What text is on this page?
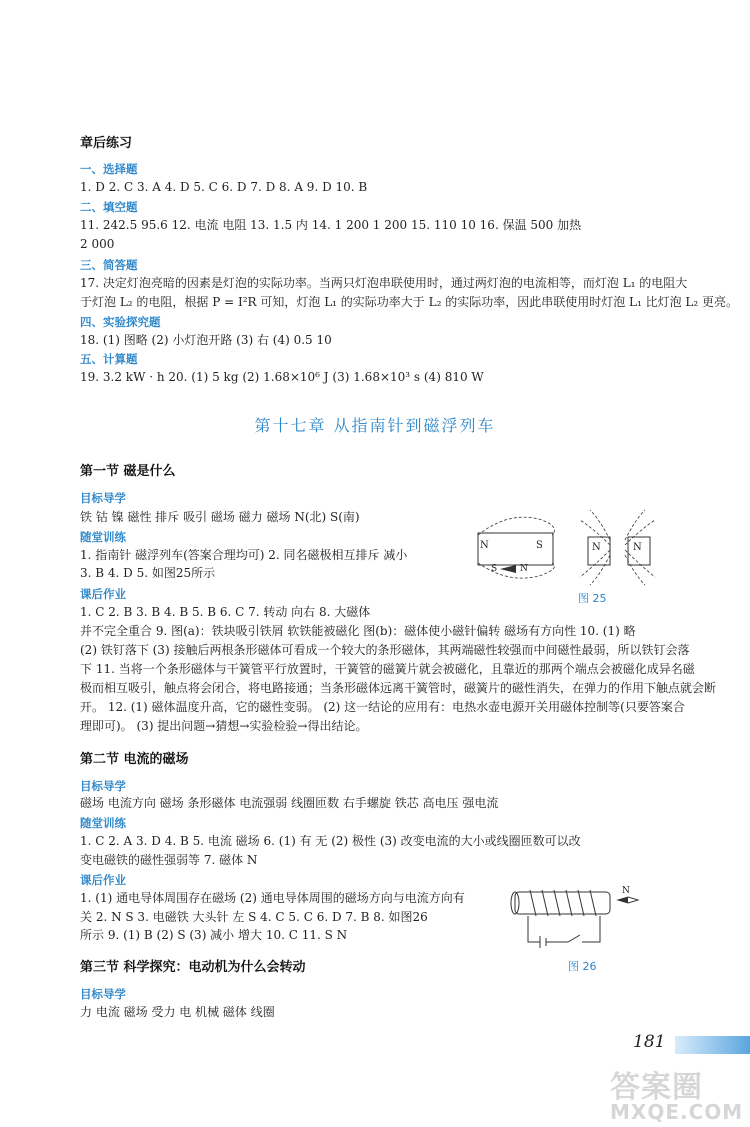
章后练习
一、选择题
1. D 2. C 3. A 4. D 5. C 6. D 7. D 8. A 9. D 10. B
二、填空题
11. 242.5 95.6 12. 电流 电阻 13. 1.5 内 14. 1 200 1 200 15. 110 10 16. 保温 500 加热
2 000
三、简答题
17. 决定灯泡亮暗的因素是灯泡的实际功率。当两只灯泡串联使用时，通过两灯泡的电流相等，而灯泡 L₁ 的电阻大
于灯泡 L₂ 的电阻，根据 P = I²R 可知，灯泡 L₁ 的实际功率大于 L₂ 的实际功率，因此串联使用时灯泡 L₁ 比灯泡 L₂ 更亮。
四、实验探究题
18. (1) 图略 (2) 小灯泡开路 (3) 右 (4) 0.5 10
五、计算题
19. 3.2 kW · h 20. (1) 5 kg (2) 1.68×10⁶ J (3) 1.68×10³ s (4) 810 W
第十七章 从指南针到磁浮列车
第一节 磁是什么
目标导学
铁 钴 镍 磁性 排斥 吸引 磁场 磁力 磁场 N(北) S(南)
随堂训练
1. 指南针 磁浮列车(答案合理均可) 2. 同名磁极相互排斥 减小
3. B 4. D 5. 如图25所示
课后作业
1. C 2. B 3. B 4. B 5. B 6. C 7. 转动 向右 8. 大磁体
并不完全重合 9. 图(a)：铁块吸引铁屑 软铁能被磁化 图(b)：磁体使小磁针偏转 磁场有方向性 10. (1) 略
(2) 铁钉落下 (3) 接触后两根条形磁体可看成一个较大的条形磁体，其两端磁性较强而中间磁性最弱，所以铁钉会落
下 11. 当将一个条形磁体与干簧管平行放置时，干簧管的磁簧片就会被磁化，且靠近的那两个端点会被磁化成异名磁
极而相互吸引，触点将会闭合，将电路接通；当条形磁体远离干簧管时，磁簧片的磁性消失，在弹力的作用下触点就会断
开。 12. (1) 磁体温度升高，它的磁性变弱。 (2) 这一结论的应用有：电热水壶电源开关用磁体控制等(只要答案合
理即可)。 (3) 提出问题→猜想→实验检验→得出结论。
N	S
N
S
N	N
图 25
第二节 电流的磁场
目标导学
磁场 电流方向 磁场 条形磁体 电流强弱 线圈匝数 右手螺旋 铁芯 高电压 强电流
随堂训练
1. C 2. A 3. D 4. B 5. 电流 磁场 6. (1) 有 无 (2) 极性 (3) 改变电流的大小或线圈匝数可以改
变电磁铁的磁性强弱等 7. 磁体 N
课后作业
1. (1) 通电导体周围存在磁场 (2) 通电导体周围的磁场方向与电流方向有
关 2. N S 3. 电磁铁 大头针 左 S 4. C 5. C 6. D 7. B 8. 如图26
所示 9. (1) B (2) S (3) 减小 增大 10. C 11. S N
N
图 26
第三节 科学探究：电动机为什么会转动
目标导学
力 电流 磁场 受力 电 机械 磁体 线圈
181
答案圈
MXQE.COM
